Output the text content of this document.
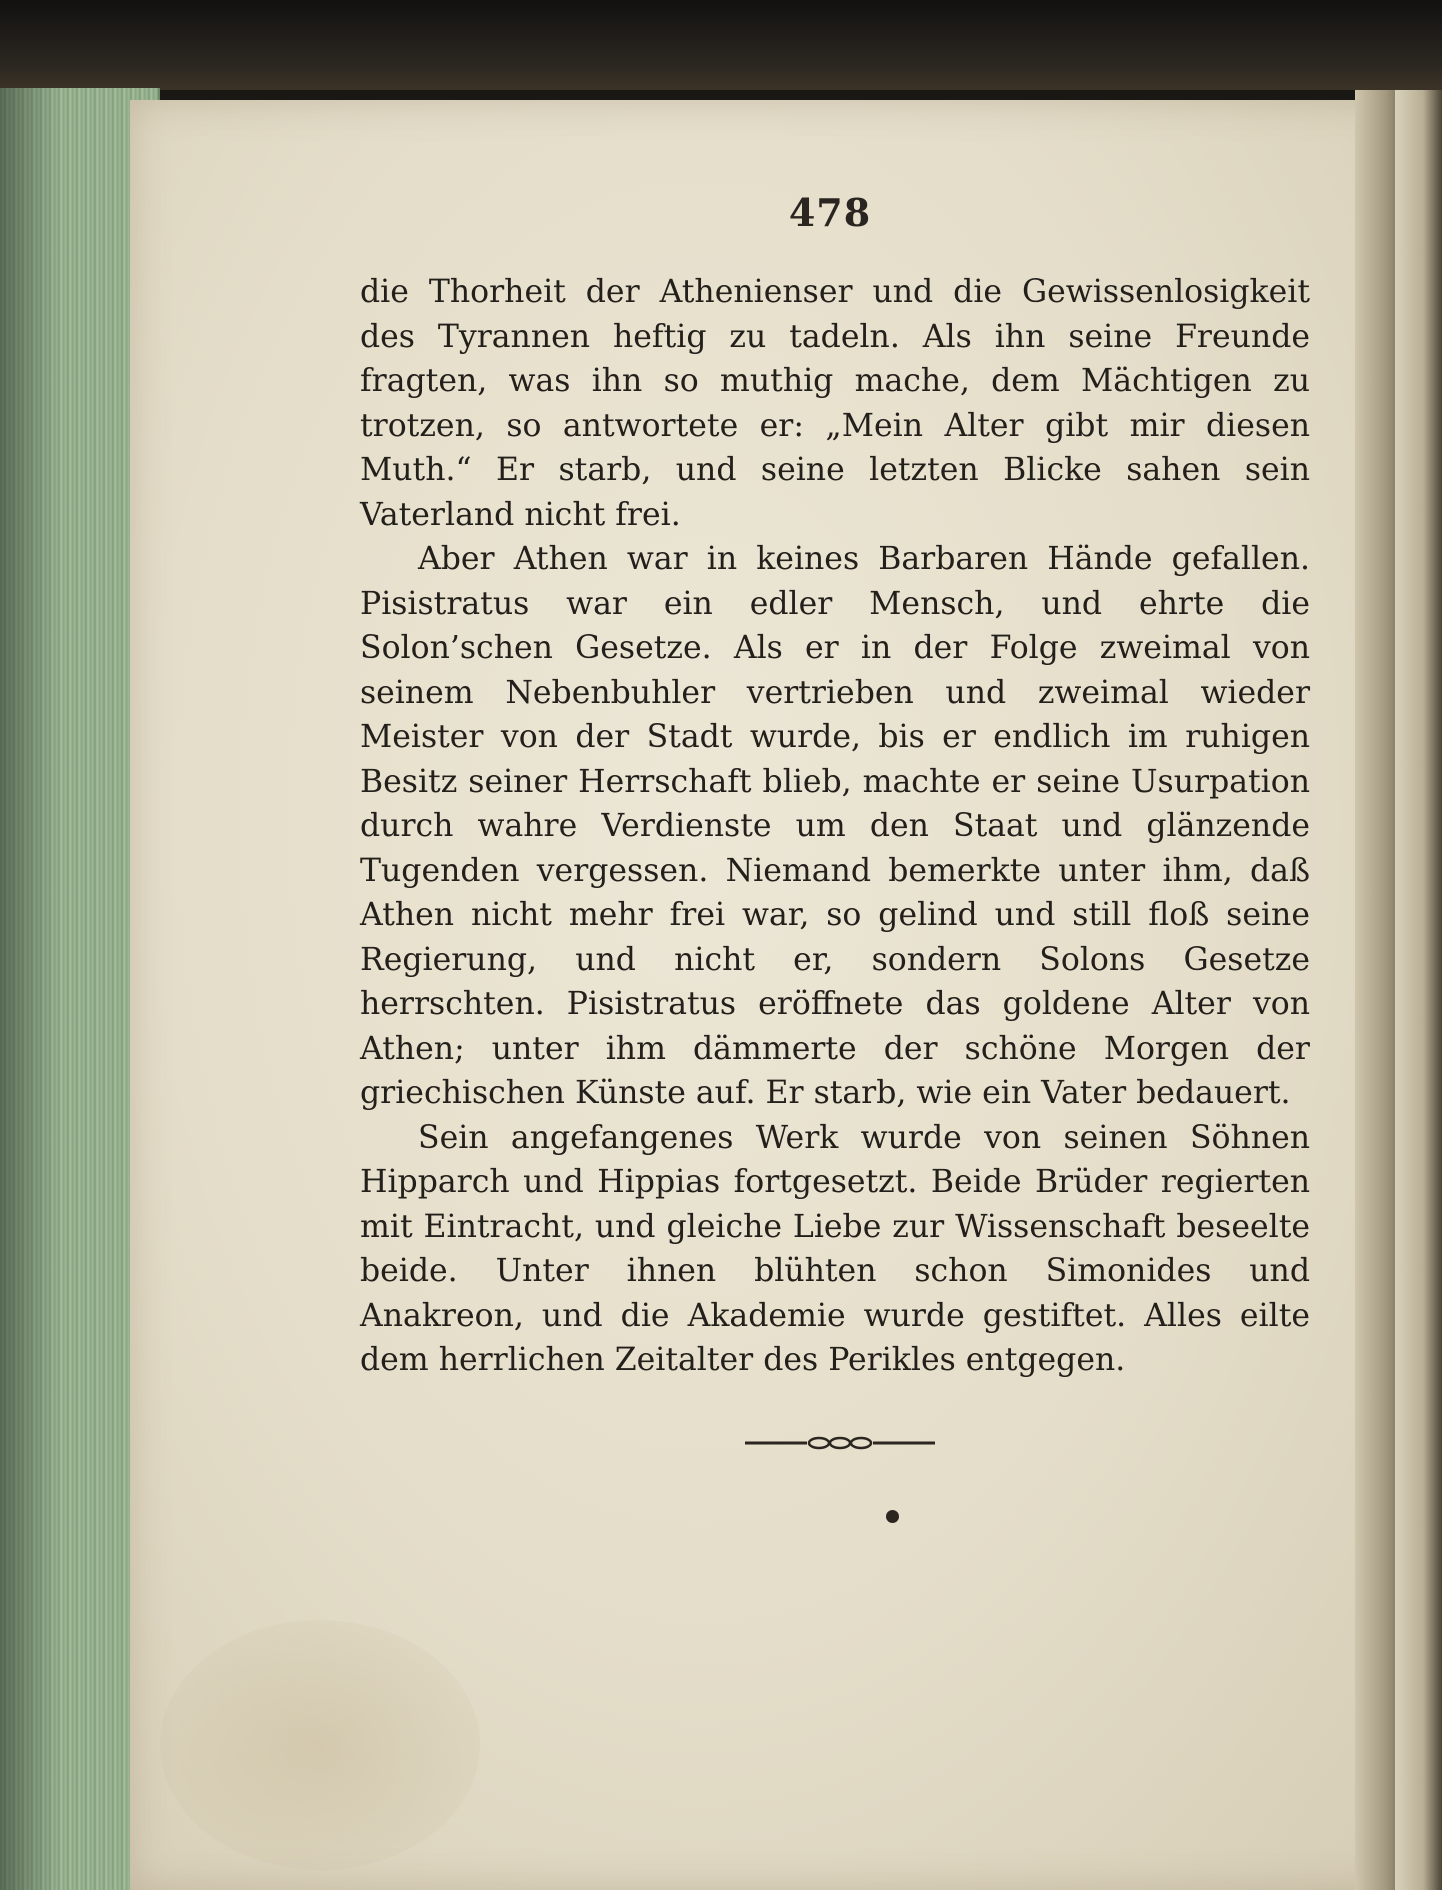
478

die Thorheit der Athenienser und die Gewissenlosigkeit des Tyrannen heftig zu tadeln. Als ihn seine Freunde fragten, was ihn so muthig mache, dem Mächtigen zu trotzen, so antwortete er: „Mein Alter gibt mir diesen Muth.“ Er starb, und seine letzten Blicke sahen sein Vaterland nicht frei.

Aber Athen war in keines Barbaren Hände gefallen. Pisistratus war ein edler Mensch, und ehrte die Solon’schen Gesetze. Als er in der Folge zweimal von seinem Nebenbuhler vertrieben und zweimal wieder Meister von der Stadt wurde, bis er endlich im ruhigen Besitz seiner Herrschaft blieb, machte er seine Usurpation durch wahre Verdienste um den Staat und glänzende Tugenden vergessen. Niemand bemerkte unter ihm, daß Athen nicht mehr frei war, so gelind und still floß seine Regierung, und nicht er, sondern Solons Gesetze herrschten. Pisistratus eröffnete das goldene Alter von Athen; unter ihm dämmerte der schöne Morgen der griechischen Künste auf. Er starb, wie ein Vater bedauert.

Sein angefangenes Werk wurde von seinen Söhnen Hipparch und Hippias fortgesetzt. Beide Brüder regierten mit Eintracht, und gleiche Liebe zur Wissenschaft beseelte beide. Unter ihnen blühten schon Simonides und Anakreon, und die Akademie wurde gestiftet. Alles eilte dem herrlichen Zeitalter des Perikles entgegen.
